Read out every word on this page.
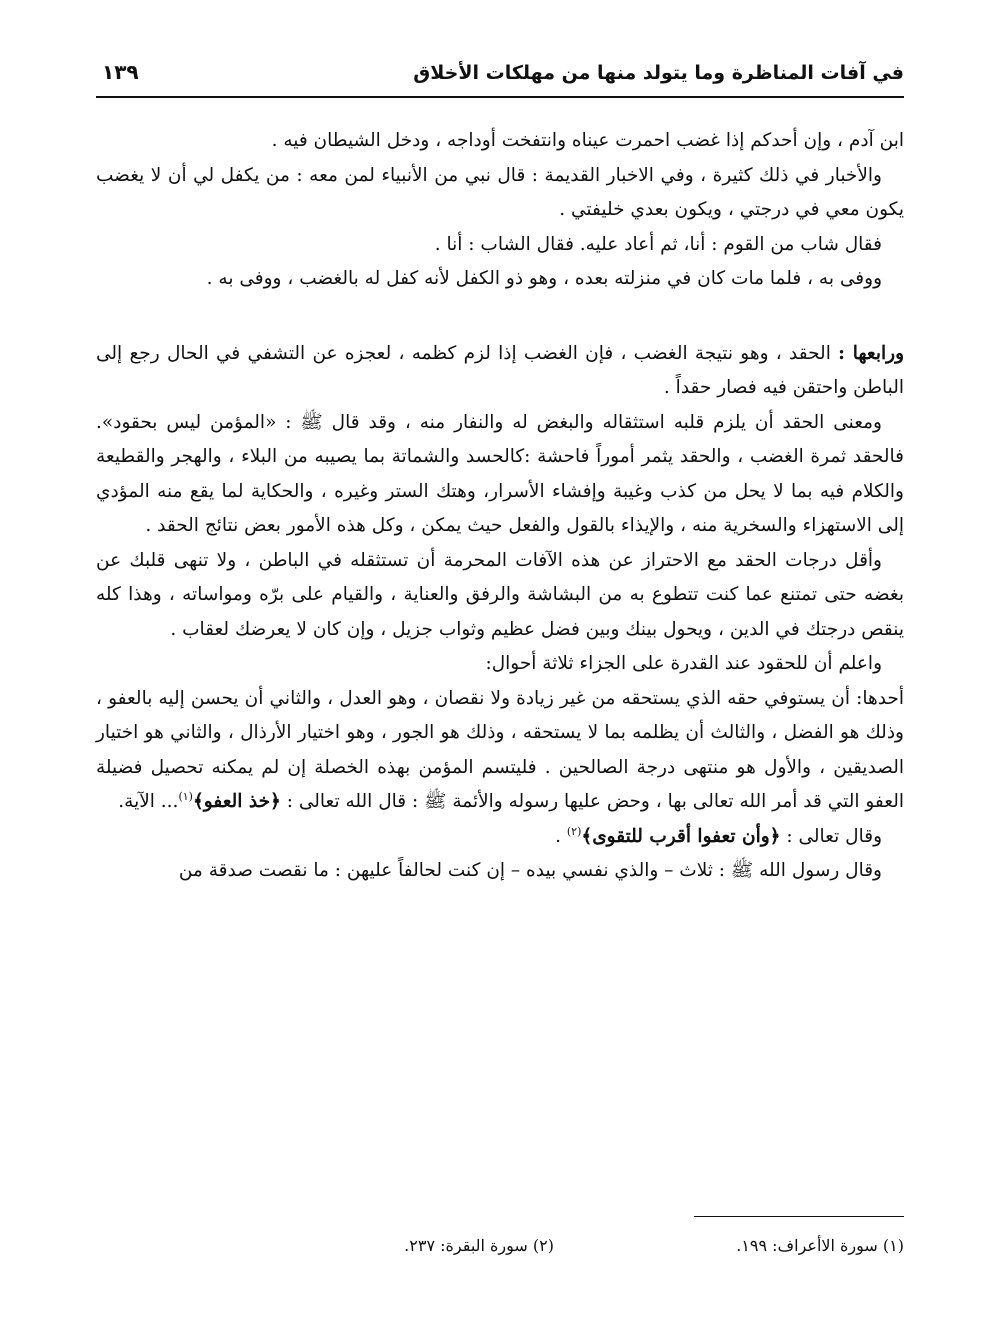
في آفات المناظرة وما يتولد منها من مهلكات الأخلاق
١٣٩

ابن آدم ، وإن أحدكم إذا غضب احمرت عيناه وانتفخت أوداجه ، ودخل الشيطان فيه .

والأخبار في ذلك كثيرة ، وفي الاخبار القديمة : قال نبي من الأنبياء لمن معه : من يكفل لي أن لا يغضب يكون معي في درجتي ، ويكون بعدي خليفتي .

فقال شاب من القوم : أنا، ثم أعاد عليه. فقال الشاب : أنا .

ووفى به ، فلما مات كان في منزلته بعده ، وهو ذو الكفل لأنه كفل له بالغضب ، ووفى به .

ورابعها : الحقد ، وهو نتيجة الغضب ، فإن الغضب إذا لزم كظمه ، لعجزه عن التشفي في الحال رجع إلى الباطن واحتقن فيه فصار حقداً .

ومعنى الحقد أن يلزم قلبه استثقاله والبغض له والنفار منه ، وقد قال ﷺ : «المؤمن ليس بحقود». فالحقد ثمرة الغضب ، والحقد يثمر أموراً فاحشة :كالحسد والشماتة بما يصيبه من البلاء ، والهجر والقطيعة والكلام فيه بما لا يحل من كذب وغيبة وإفشاء الأسرار، وهتك الستر وغيره ، والحكاية لما يقع منه المؤدي إلى الاستهزاء والسخرية منه ، والإيذاء بالقول والفعل حيث يمكن ، وكل هذه الأمور بعض نتائج الحقد .

وأقل درجات الحقد مع الاحتراز عن هذه الآفات المحرمة أن تستثقله في الباطن ، ولا تنهى قلبك عن بغضه حتى تمتنع عما كنت تتطوع به من البشاشة والرفق والعناية ، والقيام على برّه ومواساته ، وهذا كله ينقص درجتك في الدين ، ويحول بينك وبين فضل عظيم وثواب جزيل ، وإن كان لا يعرضك لعقاب .

واعلم أن للحقود عند القدرة على الجزاء ثلاثة أحوال:

أحدها: أن يستوفي حقه الذي يستحقه من غير زيادة ولا نقصان ، وهو العدل ، والثاني أن يحسن إليه بالعفو ، وذلك هو الفضل ، والثالث أن يظلمه بما لا يستحقه ، وذلك هو الجور ، وهو اختيار الأرذال ، والثاني هو اختيار الصديقين ، والأول هو منتهى درجة الصالحين . فليتسم المؤمن بهذه الخصلة إن لم يمكنه تحصيل فضيلة العفو التي قد أمر الله تعالى بها ، وحض عليها رسوله والأئمة ﷺ : قال الله تعالى : ﴿خذ العفو﴾$^{(١)}$... الآية.

وقال تعالى : ﴿وأن تعفوا أقرب للتقوى﴾$^{(٢)}$ .

وقال رسول الله ﷺ : ثلاث – والذي نفسي بيده – إن كنت لحالفاً عليهن : ما نقصت صدقة من

(١) سورة الاأعراف: ١٩٩.
(٢) سورة البقرة: ٢٣٧.
